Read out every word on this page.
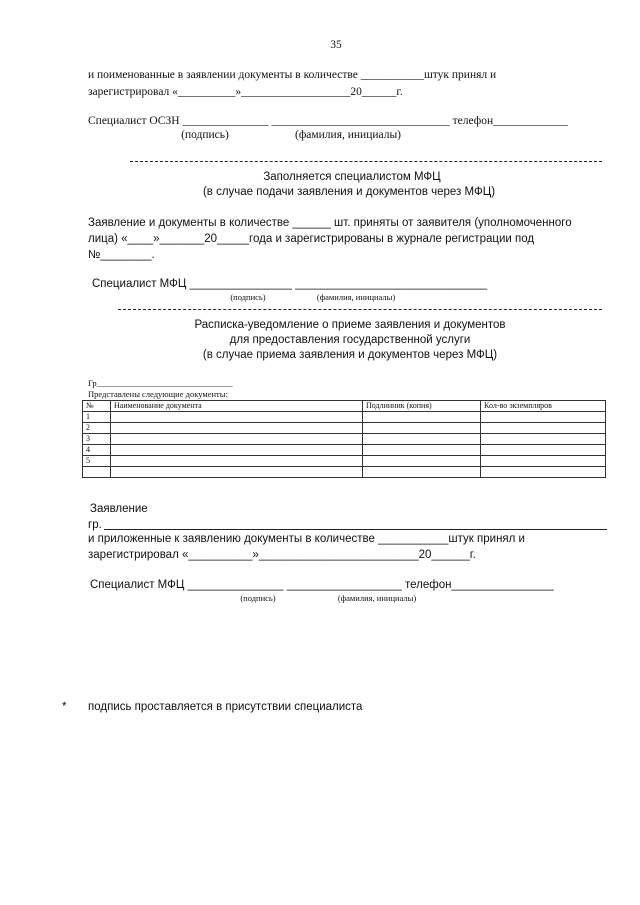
35
и поименованные в заявлении документы в количестве ___________штук принял и
зарегистрировал «__________»___________________20______г.
Специалист ОСЗН _______________ _______________________________ телефон_____________
(подпись)	(фамилия, инициалы)
Заполняется специалистом МФЦ
(в случае подачи заявления и документов через МФЦ)
Заявление и документы в количестве ______ шт. приняты от заявителя (уполномоченного
лица) «____»_______20_____года и зарегистрированы в журнале регистрации под
№________.
Специалист МФЦ ________________ ______________________________
(подпись)	(фамилия, инициалы)
Расписка-уведомление о приеме заявления и документов
для предоставления государственной услуги
(в случае приема заявления и документов через МФЦ)
Гр________________________________
Представлены следующие документы:
№	Наименование документа	Подлинник (копия)	Кол-во экземпляров
1			
2			
3			
4			
5			

Заявление
гр.
и приложенные к заявлению документы в количестве ___________штук принял и
зарегистрировал «__________»_________________________20______г.
Специалист МФЦ _______________ __________________ телефон________________
(подпись)	(фамилия, инициалы)
* подпись проставляется в присутствии специалиста
